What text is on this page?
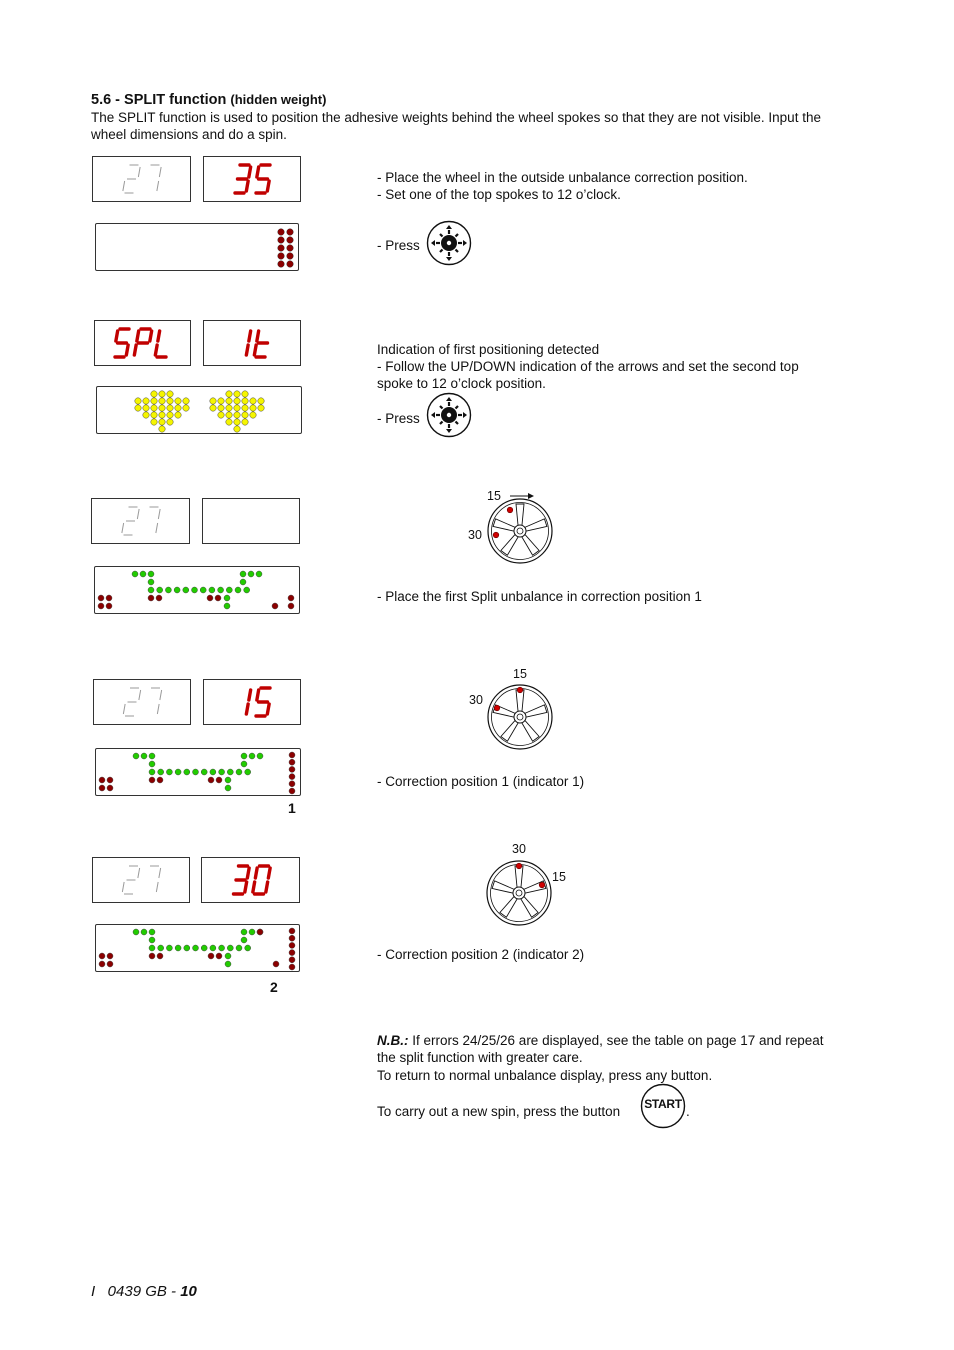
5.6 - SPLIT function (hidden weight)
The SPLIT function is used to position the adhesive weights behind the wheel spokes so that they are not visible. Input the wheel dimensions and do a spin.
- Place the wheel in the outside unbalance correction position.
- Set one of the top spokes to 12 o’clock.
- Press
Indication of first positioning detected
- Follow the UP/DOWN indication of the arrows and set the second top spoke to 12 o’clock position.
- Press
15
30
- Place the first Split unbalance in correction position 1
1
15
30
- Correction position 1 (indicator 1)
2
30
15
- Correction position 2 (indicator 2)
N.B.: If errors 24/25/26 are displayed, see the table on page 17 and repeat the split function with greater care.
To return to normal unbalance display, press any button.
To carry out a new spin, press the button	START .
I   0439 GB - 10
